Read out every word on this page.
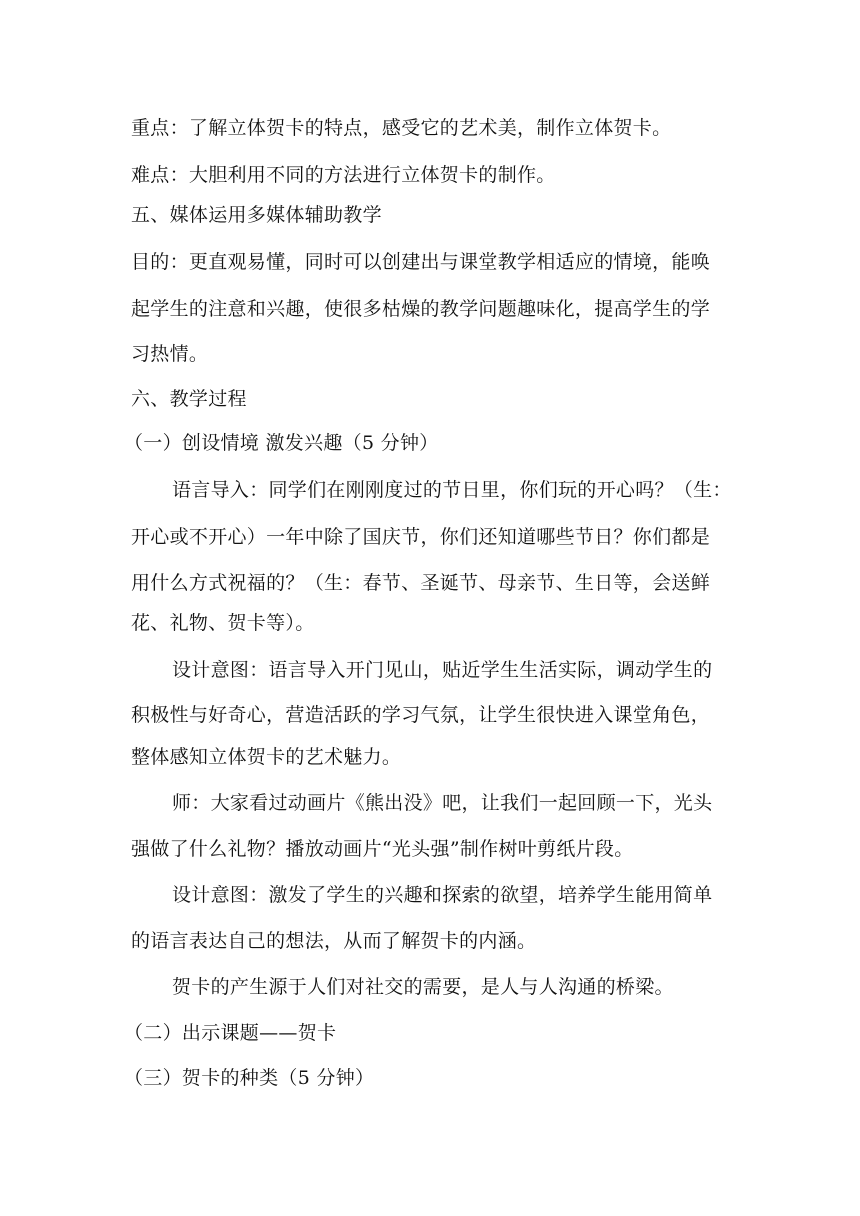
重点：了解立体贺卡的特点，感受它的艺术美，制作立体贺卡。
难点：大胆利用不同的方法进行立体贺卡的制作。
五、媒体运用多媒体辅助教学
目的：更直观易懂，同时可以创建出与课堂教学相适应的情境，能唤
起学生的注意和兴趣，使很多枯燥的教学问题趣味化，提高学生的学
习热情。
六、教学过程
（一）创设情境 激发兴趣（5 分钟）
语言导入：同学们在刚刚度过的节日里，你们玩的开心吗？（生：
开心或不开心）一年中除了国庆节，你们还知道哪些节日？你们都是
用什么方式祝福的？（生：春节、圣诞节、母亲节、生日等，会送鲜
花、礼物、贺卡等）。
设计意图：语言导入开门见山，贴近学生生活实际，调动学生的
积极性与好奇心，营造活跃的学习气氛，让学生很快进入课堂角色，
整体感知立体贺卡的艺术魅力。
师：大家看过动画片《熊出没》吧，让我们一起回顾一下，光头
强做了什么礼物？播放动画片“光头强”制作树叶剪纸片段。
设计意图：激发了学生的兴趣和探索的欲望，培养学生能用简单
的语言表达自己的想法，从而了解贺卡的内涵。
贺卡的产生源于人们对社交的需要，是人与人沟通的桥梁。
（二）出示课题——贺卡
（三）贺卡的种类（5 分钟）
